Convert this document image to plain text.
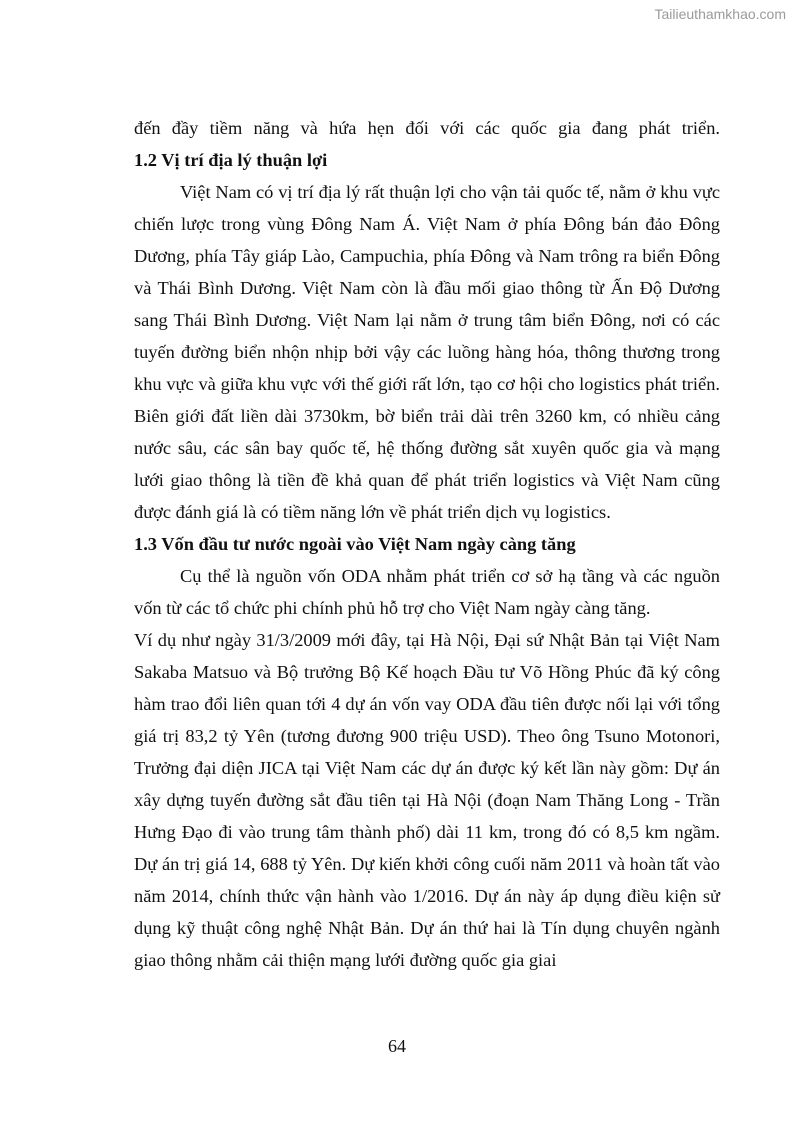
Tailieuthamkhao.com

đến đầy tiềm năng và hứa hẹn đối với các quốc gia đang phát triển.

1.2 Vị trí địa lý thuận lợi

Việt Nam có vị trí địa lý rất thuận lợi cho vận tải quốc tế, nằm ở khu vực chiến lược trong vùng Đông Nam Á. Việt Nam ở phía Đông bán đảo Đông Dương, phía Tây giáp Lào, Campuchia, phía Đông và Nam trông ra biển Đông và Thái Bình Dương. Việt Nam còn là đầu mối giao thông từ Ấn Độ Dương sang Thái Bình Dương. Việt Nam lại nằm ở trung tâm biển Đông, nơi có các tuyến đường biển nhộn nhịp bởi vậy các luồng hàng hóa, thông thương trong khu vực và giữa khu vực với thế giới rất lớn, tạo cơ hội cho logistics phát triển. Biên giới đất liền dài 3730km, bờ biển trải dài trên 3260 km, có nhiều cảng nước sâu, các sân bay quốc tế, hệ thống đường sắt xuyên quốc gia và mạng lưới giao thông là tiền đề khả quan để phát triển logistics và Việt Nam cũng được đánh giá là có tiềm năng lớn về phát triển dịch vụ logistics.

1.3 Vốn đầu tư nước ngoài vào Việt Nam ngày càng tăng

Cụ thể là nguồn vốn ODA nhằm phát triển cơ sở hạ tầng và các nguồn vốn từ các tổ chức phi chính phủ hỗ trợ cho Việt Nam ngày càng tăng.

Ví dụ như ngày 31/3/2009 mới đây, tại Hà Nội, Đại sứ Nhật Bản tại Việt Nam Sakaba Matsuo và Bộ trưởng Bộ Kế hoạch Đầu tư Võ Hồng Phúc đã ký công hàm trao đổi liên quan tới 4 dự án vốn vay ODA đầu tiên được nối lại với tổng giá trị 83,2 tỷ Yên (tương đương 900 triệu USD). Theo ông Tsuno Motonori, Trưởng đại diện JICA tại Việt Nam các dự án được ký kết lần này gồm: Dự án xây dựng tuyến đường sắt đầu tiên tại Hà Nội (đoạn Nam Thăng Long - Trần Hưng Đạo đi vào trung tâm thành phố) dài 11 km, trong đó có 8,5 km ngầm. Dự án trị giá 14, 688 tỷ Yên. Dự kiến khởi công cuối năm 2011 và hoàn tất vào năm 2014, chính thức vận hành vào 1/2016. Dự án này áp dụng điều kiện sử dụng kỹ thuật công nghệ Nhật Bản. Dự án thứ hai là Tín dụng chuyên ngành giao thông nhằm cải thiện mạng lưới đường quốc gia giai

64
